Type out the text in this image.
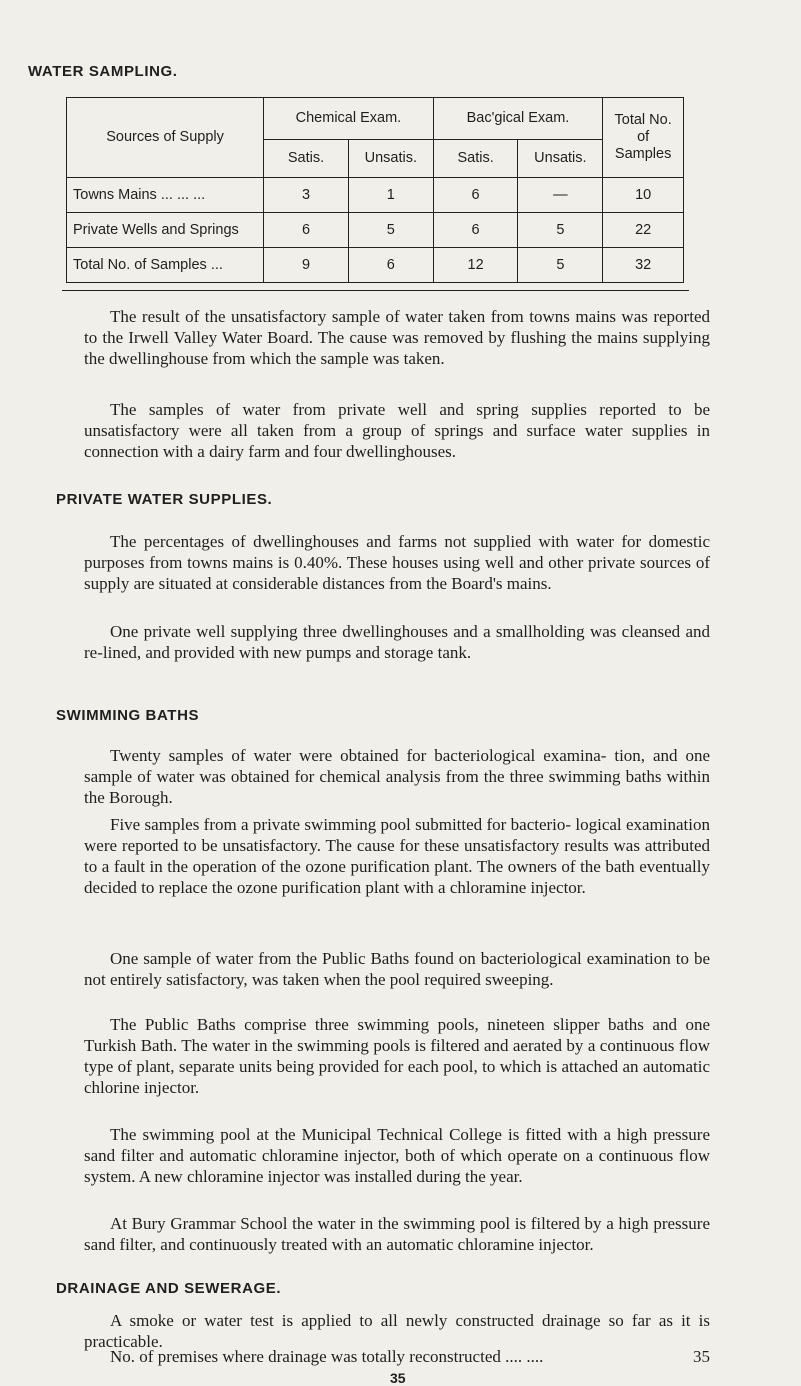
WATER SAMPLING.
Sources of Supply	Chemical Exam.		Bac'gical Exam.		Total No.
of
Samples

	Satis.	Unsatis.	Satis.	Unsatis.	
Towns Mains ... ... ...	3	1	6	—	10
Private Wells and Springs	6	5	6	5	22
Total No. of Samples ...	9	6	12	5	32

The result of the unsatisfactory sample of water taken from towns mains was reported to the Irwell Valley Water Board. The cause was removed by flushing the mains supplying the dwellinghouse from which the sample was taken.

The samples of water from private well and spring supplies reported to be unsatisfactory were all taken from a group of springs and surface water supplies in connection with a dairy farm and four dwellinghouses.

PRIVATE WATER SUPPLIES.

The percentages of dwellinghouses and farms not supplied with water for domestic purposes from towns mains is 0.40%. These houses using well and other private sources of supply are situated at considerable distances from the Board's mains.

One private well supplying three dwellinghouses and a smallholding was cleansed and re-lined, and provided with new pumps and storage tank.

SWIMMING BATHS

Twenty samples of water were obtained for bacteriological examina- tion, and one sample of water was obtained for chemical analysis from the three swimming baths within the Borough.

Five samples from a private swimming pool submitted for bacterio- logical examination were reported to be unsatisfactory. The cause for these unsatisfactory results was attributed to a fault in the operation of the ozone purification plant. The owners of the bath eventually decided to replace the ozone purification plant with a chloramine injector.

One sample of water from the Public Baths found on bacteriological examination to be not entirely satisfactory, was taken when the pool required sweeping.

The Public Baths comprise three swimming pools, nineteen slipper baths and one Turkish Bath. The water in the swimming pools is filtered and aerated by a continuous flow type of plant, separate units being provided for each pool, to which is attached an automatic chlorine injector.

The swimming pool at the Municipal Technical College is fitted with a high pressure sand filter and automatic chloramine injector, both of which operate on a continuous flow system. A new chloramine injector was installed during the year.

At Bury Grammar School the water in the swimming pool is filtered by a high pressure sand filter, and continuously treated with an automatic chloramine injector.

DRAINAGE AND SEWERAGE.

A smoke or water test is applied to all newly constructed drainage so far as it is practicable.

No. of premises where drainage was totally reconstructed .... ....	35
35
